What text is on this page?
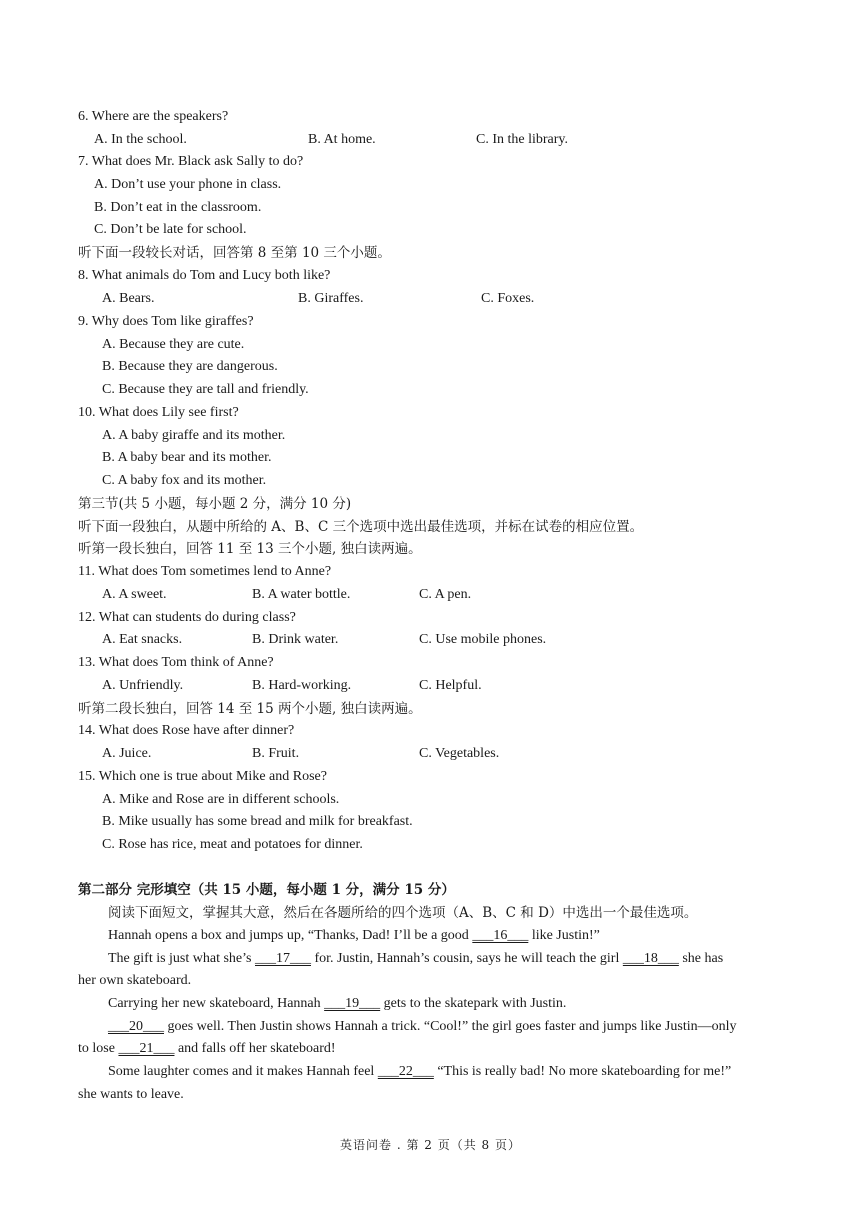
6. Where are the speakers?
A. In the school.	B. At home.	C. In the library.
7. What does Mr. Black ask Sally to do?
A. Don’t use your phone in class.
B. Don’t eat in the classroom.
C. Don’t be late for school.
听下面一段较长对话，回答第 8 至第 10 三个小题。
8. What animals do Tom and Lucy both like?
A. Bears.	B. Giraffes.	C. Foxes.
9. Why does Tom like giraffes?
A. Because they are cute.
B. Because they are dangerous.
C. Because they are tall and friendly.
10. What does Lily see first?
A. A baby giraffe and its mother.
B. A baby bear and its mother.
C. A baby fox and its mother.
第三节(共 5 小题，每小题 2 分，满分 10 分)
听下面一段独白，从题中所给的 A、B、C 三个选项中选出最佳选项，并标在试卷的相应位置。
听第一段长独白，回答 11 至 13 三个小题, 独白读两遍。
11. What does Tom sometimes lend to Anne?
A. A sweet.	B. A water bottle.	C. A pen.
12. What can students do during class?
A. Eat snacks.	B. Drink water.	C. Use mobile phones.
13. What does Tom think of Anne?
A. Unfriendly.	B. Hard-working.	C. Helpful.
听第二段长独白，回答 14 至 15 两个小题, 独白读两遍。
14. What does Rose have after dinner?
A. Juice.	B. Fruit.	C. Vegetables.
15. Which one is true about Mike and Rose?
A. Mike and Rose are in different schools.
B. Mike usually has some bread and milk for breakfast.
C. Rose has rice, meat and potatoes for dinner.
第二部分 完形填空（共 15 小题，每小题 1 分，满分 15 分）
阅读下面短文，掌握其大意，然后在各题所给的四个选项（A、B、C 和 D）中选出一个最佳选项。
Hannah opens a box and jumps up, “Thanks, Dad! I’ll be a good ___16___ like Justin!”
The gift is just what she’s ___17___ for. Justin, Hannah’s cousin, says he will teach the girl ___18___ she has
her own skateboard.
Carrying her new skateboard, Hannah ___19___ gets to the skatepark with Justin.
___20___ goes well. Then Justin shows Hannah a trick. “Cool!” the girl goes faster and jumps like Justin—only
to lose ___21___ and falls off her skateboard!
Some laughter comes and it makes Hannah feel ___22___ “This is really bad! No more skateboarding for me!”
she wants to leave.
英语问卷 . 第 2 页（共 8 页）
